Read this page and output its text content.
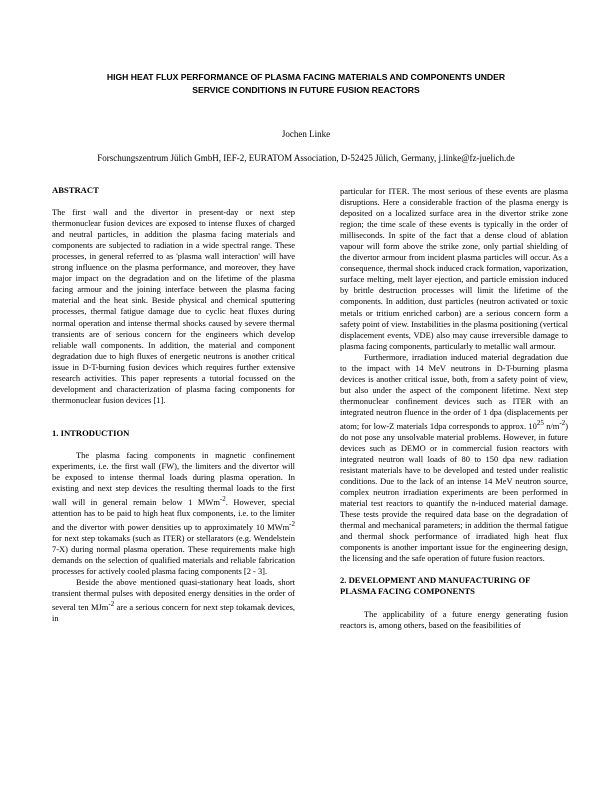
HIGH HEAT FLUX PERFORMANCE OF PLASMA FACING MATERIALS AND COMPONENTS UNDER
SERVICE CONDITIONS IN FUTURE FUSION REACTORS
Jochen Linke
Forschungszentrum Jülich GmbH, IEF-2, EURATOM Association, D-52425 Jülich, Germany, j.linke@fz-juelich.de
ABSTRACT

The first wall and the divertor in present-day or next step thermonuclear fusion devices are exposed to intense fluxes of charged and neutral particles, in addition the plasma facing materials and components are subjected to radiation in a wide spectral range. These processes, in general referred to as 'plasma wall interaction' will have strong influence on the plasma performance, and moreover, they have major impact on the degradation and on the lifetime of the plasma facing armour and the joining interface between the plasma facing material and the heat sink. Beside physical and chemical sputtering processes, thermal fatigue damage due to cyclic heat fluxes during normal operation and intense thermal shocks caused by severe thermal transients are of serious concern for the engineers which develop reliable wall components. In addition, the material and component degradation due to high fluxes of energetic neutrons is another critical issue in D-T-burning fusion devices which requires further extensive research activities. This paper represents a tutorial focussed on the development and characterization of plasma facing components for thermonuclear fusion devices [1].

1. INTRODUCTION

The plasma facing components in magnetic confinement experiments, i.e. the first wall (FW), the limiters and the divertor will be exposed to intense thermal loads during plasma operation. In existing and next step devices the resulting thermal loads to the first wall will in general remain below 1 MWm$^{-2}$. However, special attention has to be paid to high heat flux components, i.e. to the limiter and the divertor with power densities up to approximately 10 MWm$^{-2}$ for next step tokamaks (such as ITER) or stellarators (e.g. Wendelstein 7-X) during normal plasma operation. These requirements make high demands on the selection of qualified materials and reliable fabrication processes for actively cooled plasma facing components [2 - 3].

Beside the above mentioned quasi-stationary heat loads, short transient thermal pulses with deposited energy densities in the order of several ten MJm$^{-2}$ are a serious concern for next step tokamak devices, in

particular for ITER. The most serious of these events are plasma disruptions. Here a considerable fraction of the plasma energy is deposited on a localized surface area in the divertor strike zone region; the time scale of these events is typically in the order of milliseconds. In spite of the fact that a dense cloud of ablation vapour will form above the strike zone, only partial shielding of the divertor armour from incident plasma particles will occur. As a consequence, thermal shock induced crack formation, vaporization, surface melting, melt layer ejection, and particle emission induced by brittle destruction processes will limit the lifetime of the components. In addition, dust particles (neutron activated or toxic metals or tritium enriched carbon) are a serious concern form a safety point of view. Instabilities in the plasma positioning (vertical displacement events, VDE) also may cause irreversible damage to plasma facing components, particularly to metallic wall armour.

Furthermore, irradiation induced material degradation due to the impact with 14 MeV neutrons in D-T-burning plasma devices is another critical issue, both, from a safety point of view, but also under the aspect of the component lifetime. Next step thermonuclear confinement devices such as ITER with an integrated neutron fluence in the order of 1 dpa (displacements per atom; for low-Z materials 1dpa corresponds to approx. $10^{25}$ $n/m^{-2}$) do not pose any unsolvable material problems. However, in future devices such as DEMO or in commercial fusion reactors with integrated neutron wall loads of 80 to 150 dpa new radiation resistant materials have to be developed and tested under realistic conditions. Due to the lack of an intense 14 MeV neutron source, complex neutron irradiation experiments are been performed in material test reactors to quantify the n-induced material damage. These tests provide the required data base on the degradation of thermal and mechanical parameters; in addition the thermal fatigue and thermal shock performance of irradiated high heat flux components is another important issue for the engineering design, the licensing and the safe operation of future fusion reactors.

2. DEVELOPMENT AND MANUFACTURING OF PLASMA FACING COMPONENTS

The applicability of a future energy generating fusion reactors is, among others, based on the feasibilities of
